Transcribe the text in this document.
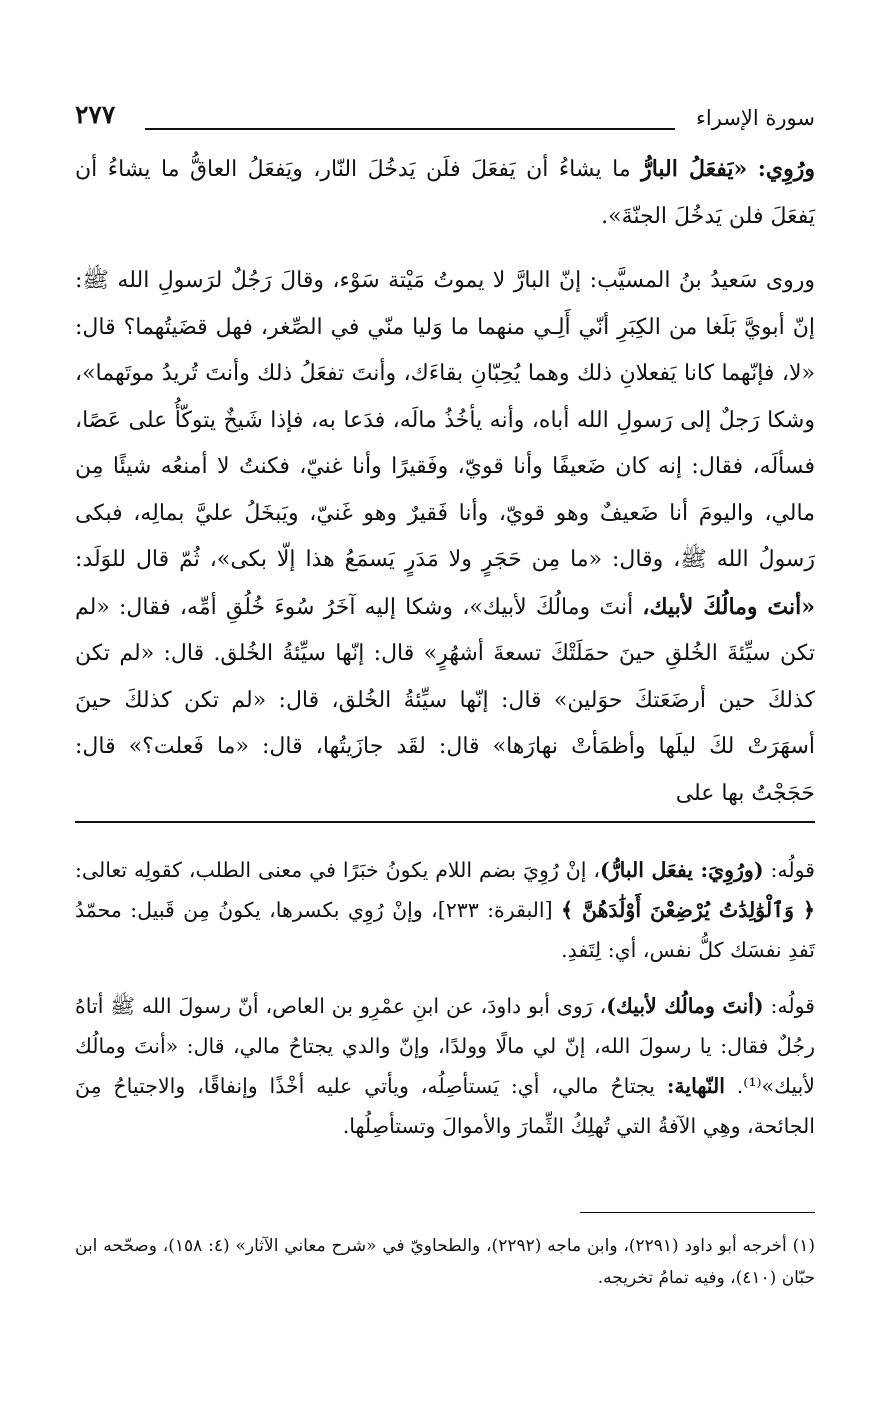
سورة الإسراء
٢٧٧

ورُوِي: «يَفعَلُ البارُّ ما يشاءُ أن يَفعَلَ فلَن يَدخُلَ النّار، ويَفعَلُ العاقُّ ما يشاءُ أن يَفعَلَ فلن يَدخُلَ الجنّةَ».

وروى سَعيدُ بنُ المسيَّب: إنّ البارَّ لا يموتُ مَيْتة سَوْء، وقالَ رَجُلٌ لرَسولِ الله ﷺ: إنّ أبويَّ بَلَغا من الكِبَرِ أنّي أَلِـي منهما ما وَليا منّي في الصِّغر، فهل قضَيتُهما؟ قال: «لا، فإنّهما كانا يَفعلانِ ذلك وهما يُحِبّانِ بقاءَك، وأنتَ تفعَلُ ذلك وأنتَ تُريدُ موتَهما»، وشكا رَجلٌ إلى رَسولِ الله أباه، وأنه يأخُذُ مالَه، فدَعا به، فإذا شَيخٌ يتوكّأُ على عَصًا، فسألَه، فقال: إنه كان ضَعيفًا وأنا قويّ، وفَقيرًا وأنا غنيّ، فكنتُ لا أمنعُه شيئًا مِن مالي، واليومَ أنا ضَعيفٌ وهو قويّ، وأنا فَقيرٌ وهو غَنيّ، ويَبخَلُ عليَّ بمالِه، فبكى رَسولُ الله ﷺ، وقال: «ما مِن حَجَرٍ ولا مَدَرٍ يَسمَعُ هذا إلّا بكى»، ثُمّ قال للوَلَد: «أنتَ ومالُكَ لأبيك، أنتَ ومالُكَ لأبيك»، وشكا إليه آخَرُ سُوءَ خُلُقِ أمِّه، فقال: «لم تكن سيِّئةَ الخُلقِ حينَ حمَلَتْكَ تسعةَ أشهُرٍ» قال: إنّها سيِّئةُ الخُلق. قال: «لم تكن كذلكَ حين أرضَعَتكَ حوَلين» قال: إنّها سيِّئةُ الخُلق، قال: «لم تكن كذلكَ حينَ أسهَرَتْ لكَ ليلَها وأظمَأتْ نهارَها» قال: لقَد جازَيتُها، قال: «ما فَعلت؟» قال: حَجَجْتُ بها على

قولُه: (ورُوِيَ: يفعَل البارُّ)، إنْ رُوِيَ بضم اللام يكونُ خبَرًا في معنى الطلب، كقولِه تعالى: ﴿ وَٱلْوَٰلِدَٰتُ يُرْضِعْنَ أَوْلَٰدَهُنَّ ﴾ [البقرة: ٢٣٣]، وإنْ رُوِي بكسرها، يكونُ مِن قَبيل: محمّدُ تَفدِ نفسَك كلُّ نفس، أي: لِتَفدِ.

قولُه: (أنتَ ومالُك لأبيك)، رَوى أبو داودَ، عن ابنِ عمْرِو بن العاص، أنّ رسولَ الله ﷺ أتاهُ رجُلٌ فقال: يا رسولَ الله، إنّ لي مالًا وولدًا، وإنّ والدي يجتاحُ مالي، قال: «أنتَ ومالُك لأبيك»⁽¹⁾. النّهاية: يجتاحُ مالي، أي: يَستأصِلُه، ويأتي عليه أخْذًا وإنفاقًا، والاجتياحُ مِنَ الجائحة، وهِي الآفةُ التي تُهلِكُ الثِّمارَ والأموالَ وتستأصِلُها.

(١) أخرجه أبو داود (٢٢٩١)، وابن ماجه (٢٢٩٢)، والطحاويّ في «شرح معاني الآثار» (٤: ١٥٨)، وصحّحه ابن حبّان (٤١٠)، وفيه تمامُ تخريجه.
